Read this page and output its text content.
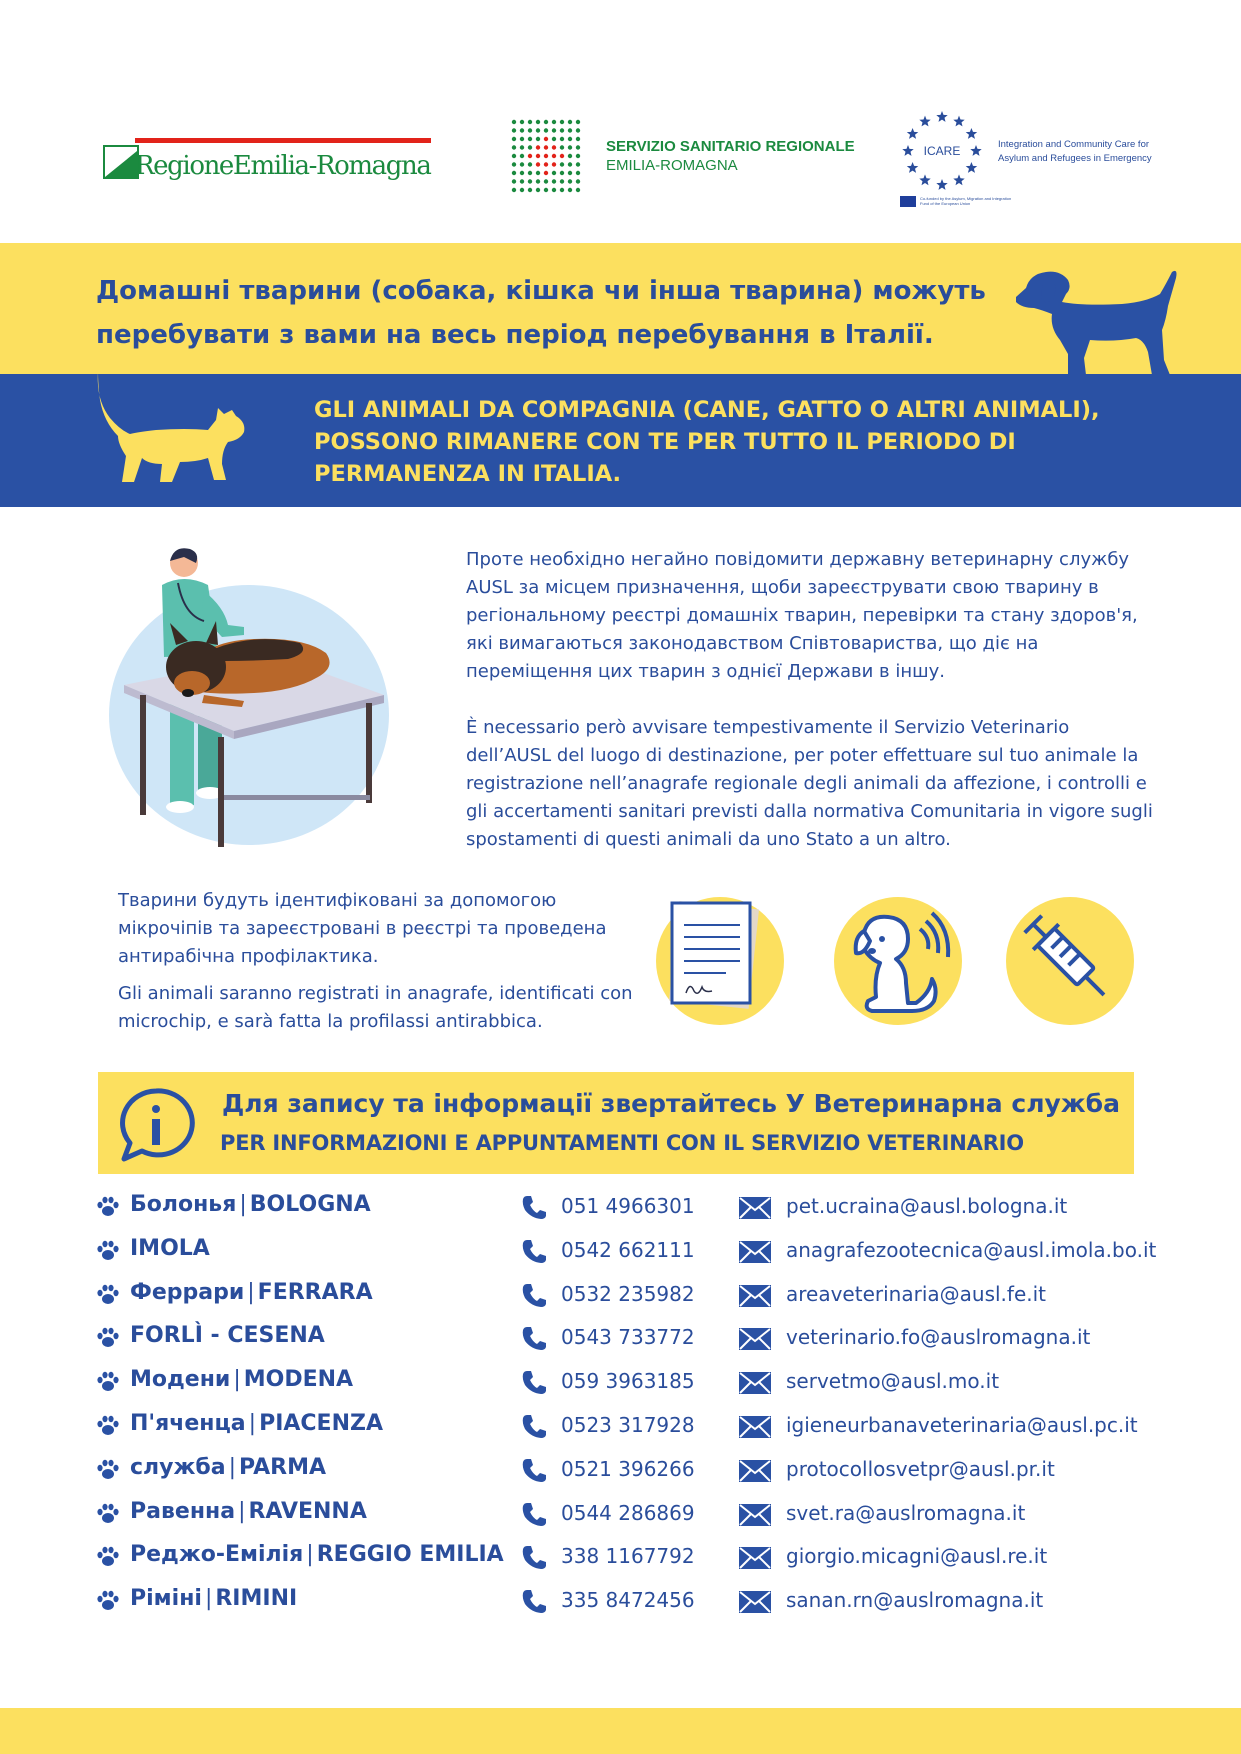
RegioneEmilia-Romagna
SERVIZIO SANITARIO REGIONALE
EMILIA-ROMAGNA
ICARE	Integration and Community Care for Asylum and Refugees in Emergency
Co-funded by the Asylum, Migration and Integration Fund of the European Union
Домашні тварини (собака, кішка чи інша тварина) можуть перебувати з вами на весь період перебування в Італії.
GLI ANIMALI DA COMPAGNIA (CANE, GATTO O ALTRI ANIMALI), POSSONO RIMANERE CON TE PER TUTTO IL PERIODO DI PERMANENZA IN ITALIA.
Проте необхідно негайно повідомити державну ветеринарну службу AUSL за місцем призначення, щоби зареєструвати свою тварину в регіональному реєстрі домашніх тварин, перевірки та стану здоров'я, які вимагаються законодавством Співтовариства, що діє на переміщення цих тварин з однієї Держави в іншу.
È necessario però avvisare tempestivamente il Servizio Veterinario dell’AUSL del luogo di destinazione, per poter effettuare sul tuo animale la registrazione nell’anagrafe regionale degli animali da affezione, i controlli e gli accertamenti sanitari previsti dalla normativa Comunitaria in vigore sugli spostamenti di questi animali da uno Stato a un altro.
Тварини будуть ідентифіковані за допомогою мікрочіпів та зареєстровані в реєстрі та проведена антирабічна профілактика.
Gli animali saranno registrati in anagrafe, identificati con microchip, e sarà fatta la profilassi antirabbica.
Для запису та інформації звертайтесь У Ветеринарна служба
PER INFORMAZIONI E APPUNTAMENTI CON IL SERVIZIO VETERINARIO
Болонья | BOLOGNA	051 4966301	pet.ucraina@ausl.bologna.it
IMOLA	0542 662111	anagrafezootecnica@ausl.imola.bo.it
Феррари | FERRARA	0532 235982	areaveterinaria@ausl.fe.it
FORLÌ - CESENA	0543 733772	veterinario.fo@auslromagna.it
Модени | MODENA	059 3963185	servetmo@ausl.mo.it
П'яченца | PIACENZA	0523 317928	igieneurbanaveterinaria@ausl.pc.it
служба | PARMA	0521 396266	protocollosvetpr@ausl.pr.it
Равенна | RAVENNA	0544 286869	svet.ra@auslromagna.it
Реджо-Емілія | REGGIO EMILIA	338 1167792	giorgio.micagni@ausl.re.it
Ріміні | RIMINI	335 8472456	sanan.rn@auslromagna.it
